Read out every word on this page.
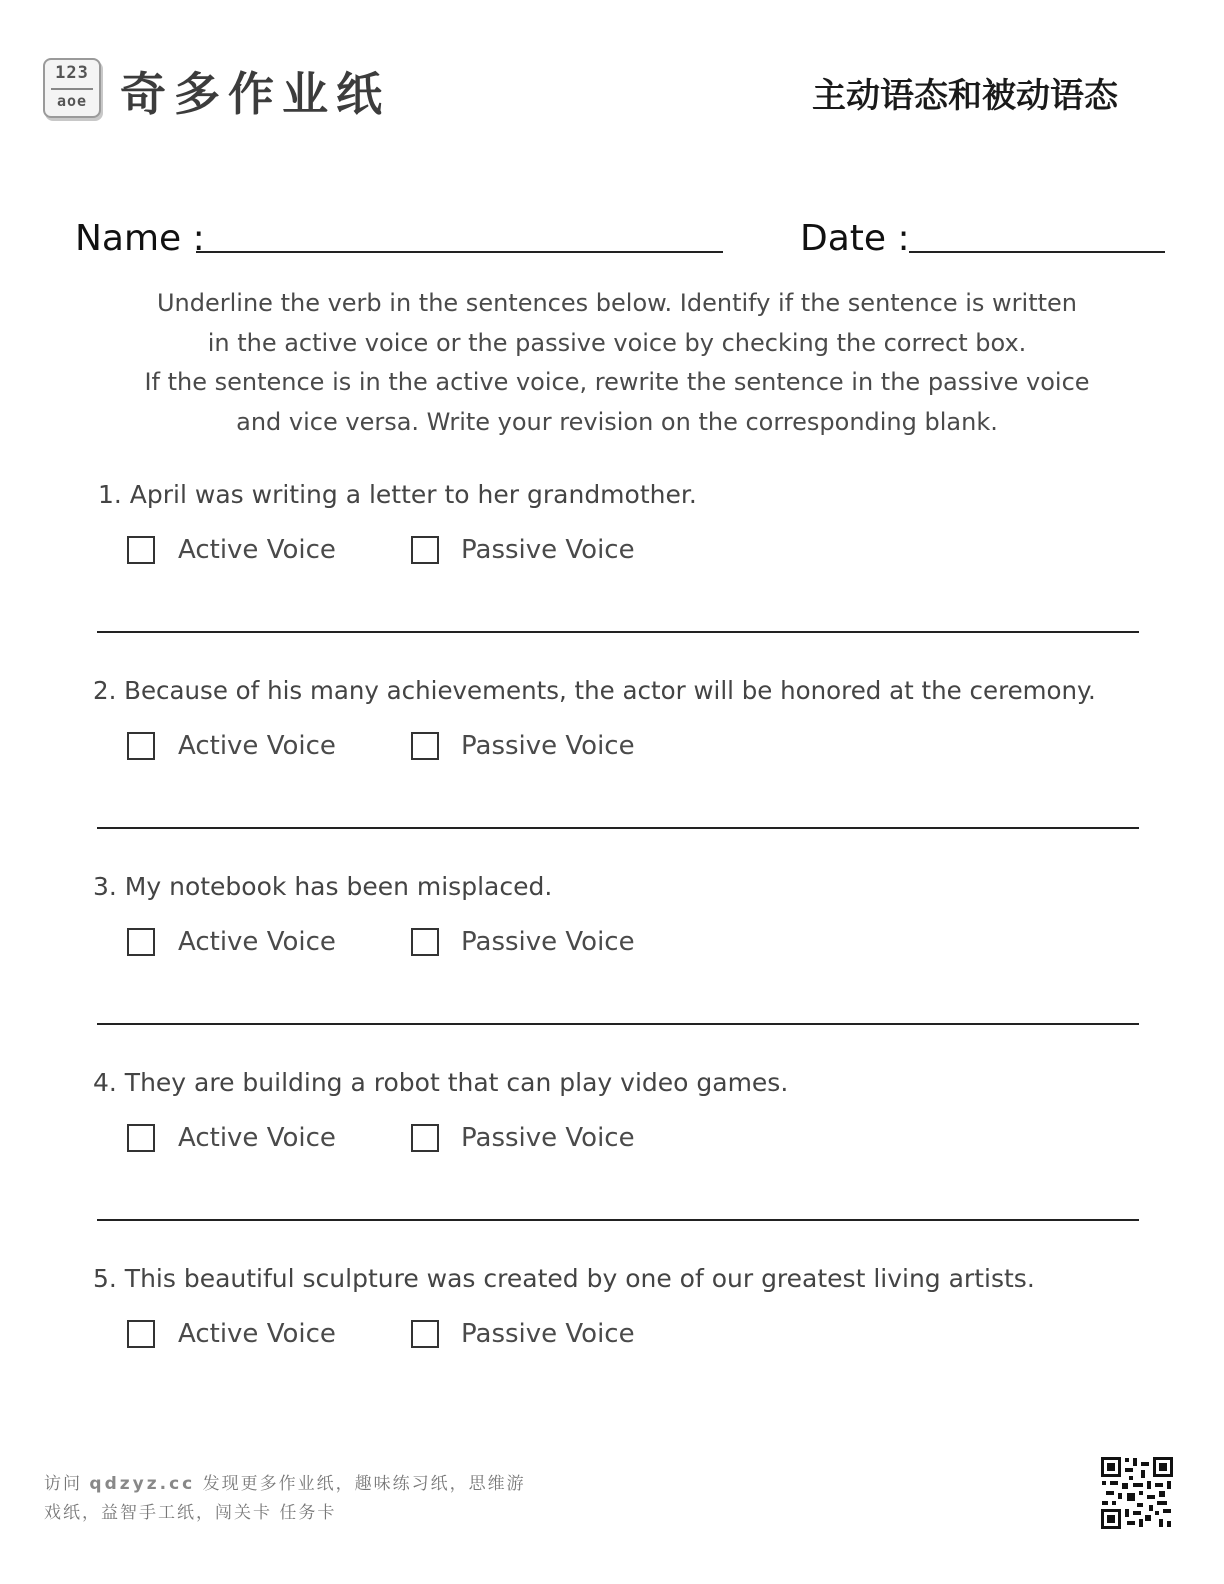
123
aoe 奇多作业纸	主动语态和被动语态
Name :	Date :
Underline the verb in the sentences below. Identify if the sentence is written
in the active voice or the passive voice by checking the correct box.
If the sentence is in the active voice, rewrite the sentence in the passive voice
and vice versa. Write your revision on the corresponding blank.
1. April was writing a letter to her grandmother.
Active Voice	Passive Voice
2. Because of his many achievements, the actor will be honored at the ceremony.
Active Voice	Passive Voice
3. My notebook has been misplaced.
Active Voice	Passive Voice
4. They are building a robot that can play video games.
Active Voice	Passive Voice
5. This beautiful sculpture was created by one of our greatest living artists.
Active Voice	Passive Voice
访问 qdzyz.cc 发现更多作业纸，趣味练习纸，思维游
戏纸，益智手工纸，闯关卡 任务卡
